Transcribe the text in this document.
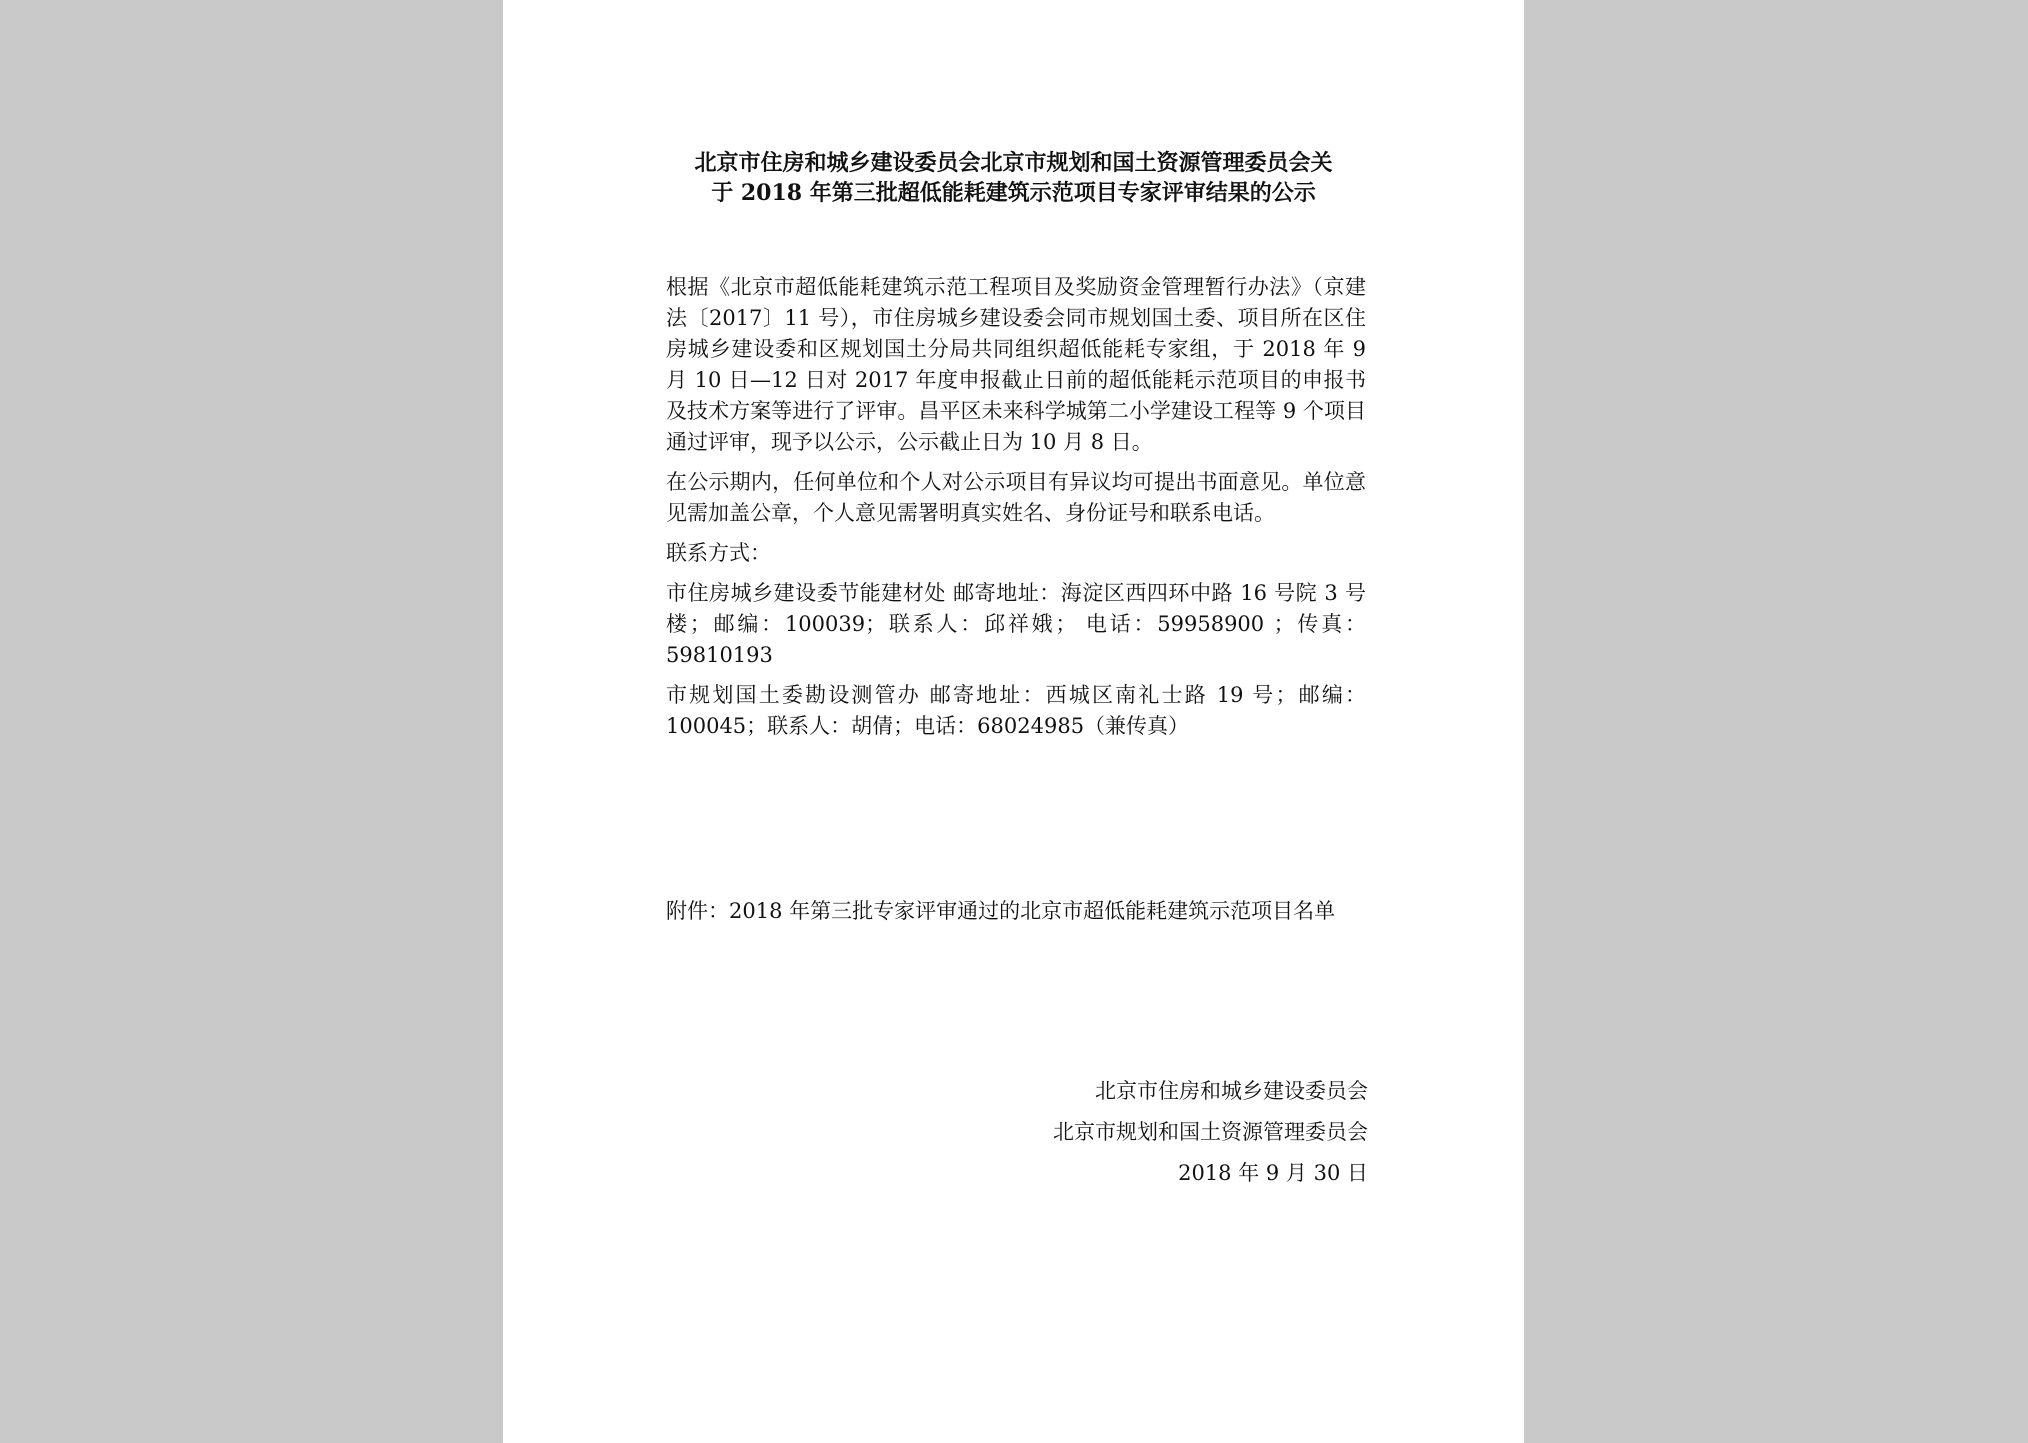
北京市住房和城乡建设委员会北京市规划和国土资源管理委员会关

于 2018 年第三批超低能耗建筑示范项目专家评审结果的公示

根据《北京市超低能耗建筑示范工程项目及奖励资金管理暂行办法》（京建法〔2017〕11 号），市住房城乡建设委会同市规划国土委、项目所在区住房城乡建设委和区规划国土分局共同组织超低能耗专家组，于 2018 年 9 月 10 日—12 日对 2017 年度申报截止日前的超低能耗示范项目的申报书及技术方案等进行了评审。昌平区未来科学城第二小学建设工程等 9 个项目通过评审，现予以公示，公示截止日为 10 月 8 日。

在公示期内，任何单位和个人对公示项目有异议均可提出书面意见。单位意见需加盖公章，个人意见需署明真实姓名、身份证号和联系电话。

联系方式：

市住房城乡建设委节能建材处 邮寄地址：海淀区西四环中路 16 号院 3 号楼；邮编：100039；联系人：邱祥娥； 电话：59958900 ；传真：59810193

市规划国土委勘设测管办 邮寄地址：西城区南礼士路 19 号；邮编：100045；联系人：胡倩；电话：68024985（兼传真）

附件：2018 年第三批专家评审通过的北京市超低能耗建筑示范项目名单

北京市住房和城乡建设委员会
北京市规划和国土资源管理委员会
2018 年 9 月 30 日
